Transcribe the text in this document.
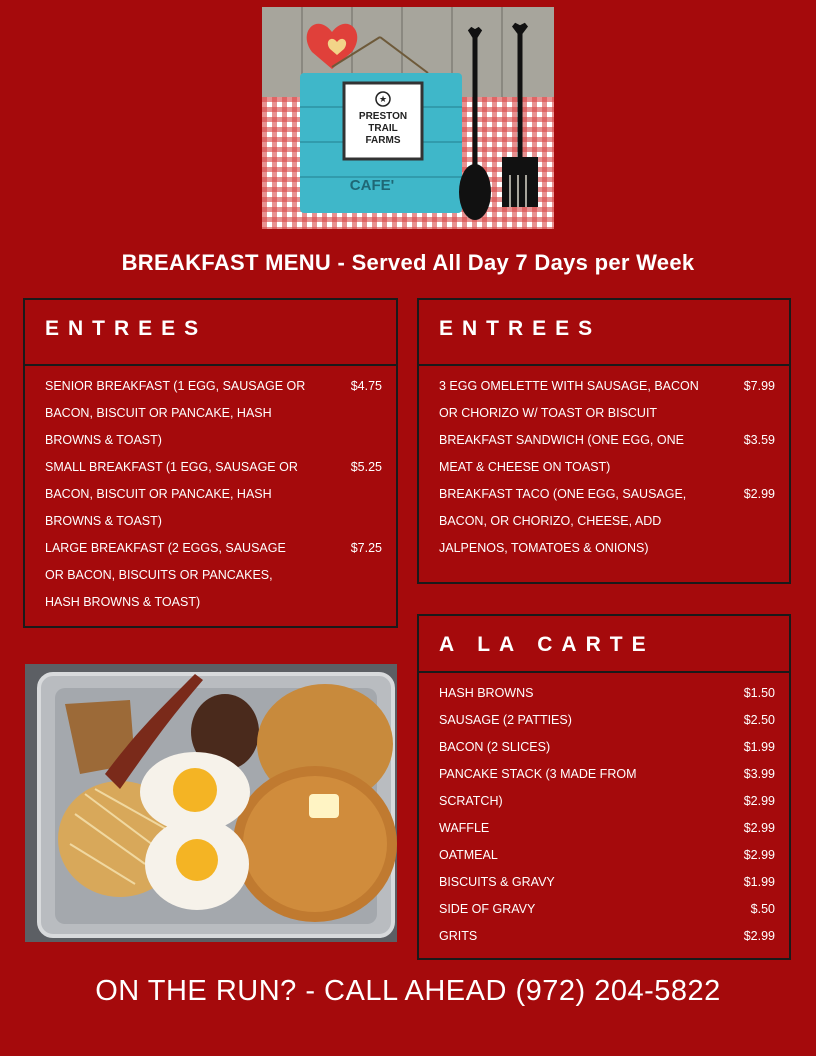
★
PRESTON
TRAIL
FARMS
CAFE'
BREAKFAST MENU - Served All Day 7 Days per Week
ENTREES
SENIOR BREAKFAST (1 EGG, SAUSAGE OR	$4.75
BACON, BISCUIT OR PANCAKE, HASH
BROWNS & TOAST)
SMALL BREAKFAST (1 EGG, SAUSAGE OR	$5.25
BACON, BISCUIT OR PANCAKE, HASH
BROWNS & TOAST)
LARGE BREAKFAST (2 EGGS, SAUSAGE	$7.25
OR BACON, BISCUITS OR PANCAKES,
HASH BROWNS & TOAST)
ENTREES
3 EGG OMELETTE WITH SAUSAGE, BACON	$7.99
OR CHORIZO W/ TOAST OR BISCUIT
BREAKFAST SANDWICH (ONE EGG, ONE	$3.59
MEAT & CHEESE ON TOAST)
BREAKFAST TACO (ONE EGG, SAUSAGE,	$2.99
BACON, OR CHORIZO, CHEESE, ADD
JALPENOS, TOMATOES & ONIONS)
A LA CARTE
HASH BROWNS	$1.50
SAUSAGE (2 PATTIES)	$2.50
BACON (2 SLICES)	$1.99
PANCAKE STACK (3 MADE FROM	$3.99
SCRATCH)	$2.99
WAFFLE	$2.99
OATMEAL	$2.99
BISCUITS & GRAVY	$1.99
SIDE OF GRAVY	$.50
GRITS	$2.99
ON THE RUN? - CALL AHEAD (972) 204-5822
